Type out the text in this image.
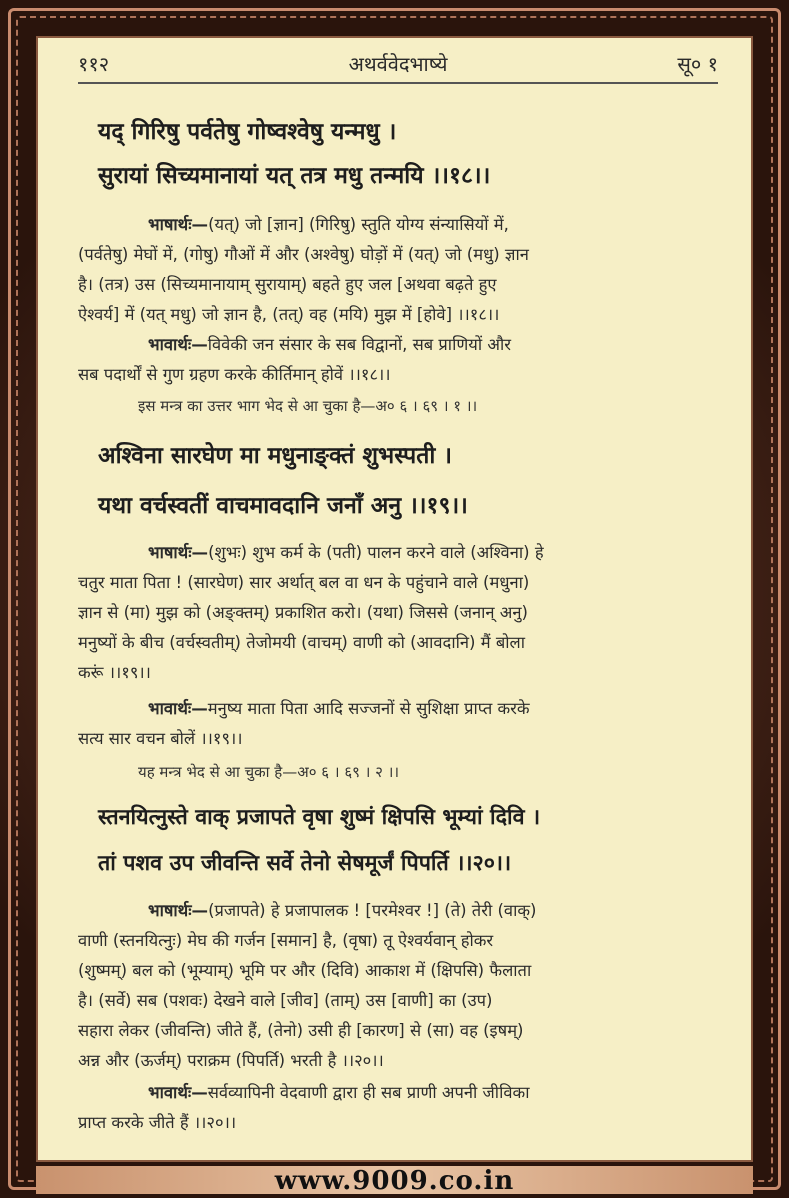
११२	अथर्ववेदभाष्ये	सू० १
यद् गिरिषु पर्वतेषु गोष्वश्वेषु यन्मधु ।
सुरायां सिच्यमानायां यत् तत्र मधु तन्मयि ।।१८।।
भाषार्थः—(यत्) जो [ज्ञान] (गिरिषु) स्तुति योग्य संन्यासियों में,
(पर्वतेषु) मेघों में, (गोषु) गौओं में और (अश्वेषु) घोड़ों में (यत्) जो (मधु) ज्ञान
है। (तत्र) उस (सिच्यमानायाम् सुरायाम्) बहते हुए जल [अथवा बढ़ते हुए
ऐश्वर्य] में (यत् मधु) जो ज्ञान है, (तत्) वह (मयि) मुझ में [होवे] ।।१८।।
भावार्थः—विवेकी जन संसार के सब विद्वानों, सब प्राणियों और
सब पदार्थों से गुण ग्रहण करके कीर्तिमान् होवें ।।१८।।
इस मन्त्र का उत्तर भाग भेद से आ चुका है—अ० ६ । ६९ । १ ।।
अश्विना सारघेण मा मधुनाङ्क्तं शुभस्पती ।
यथा वर्चस्वतीं वाचमावदानि जनाँ अनु ।।१९।।
भाषार्थः—(शुभः) शुभ कर्म के (पती) पालन करने वाले (अश्विना) हे
चतुर माता पिता ! (सारघेण) सार अर्थात् बल वा धन के पहुंचाने वाले (मधुना)
ज्ञान से (मा) मुझ को (अङ्क्तम्) प्रकाशित करो। (यथा) जिससे (जनान् अनु)
मनुष्यों के बीच (वर्चस्वतीम्) तेजोमयी (वाचम्) वाणी को (आवदानि) मैं बोला
करूं ।।१९।।
भावार्थः—मनुष्य माता पिता आदि सज्जनों से सुशिक्षा प्राप्त करके
सत्य सार वचन बोलें ।।१९।।
यह मन्त्र भेद से आ चुका है—अ० ६ । ६९ । २ ।।
स्तनयित्नुस्ते वाक् प्रजापते वृषा शुष्मं क्षिपसि भूम्यां दिवि ।
तां पशव उप जीवन्ति सर्वे तेनो सेषमूर्जं पिपर्ति ।।२०।।
भाषार्थः—(प्रजापते) हे प्रजापालक ! [परमेश्वर !] (ते) तेरी (वाक्)
वाणी (स्तनयित्नुः) मेघ की गर्जन [समान] है, (वृषा) तू ऐश्वर्यवान् होकर
(शुष्मम्) बल को (भूम्याम्) भूमि पर और (दिवि) आकाश में (क्षिपसि) फैलाता
है। (सर्वे) सब (पशवः) देखने वाले [जीव] (ताम्) उस [वाणी] का (उप)
सहारा लेकर (जीवन्ति) जीते हैं, (तेनो) उसी ही [कारण] से (सा) वह (इषम्)
अन्न और (ऊर्जम्) पराक्रम (पिपर्ति) भरती है ।।२०।।
भावार्थः—सर्वव्यापिनी वेदवाणी द्वारा ही सब प्राणी अपनी जीविका
प्राप्त करके जीते हैं ।।२०।।
www.9009.co.in
